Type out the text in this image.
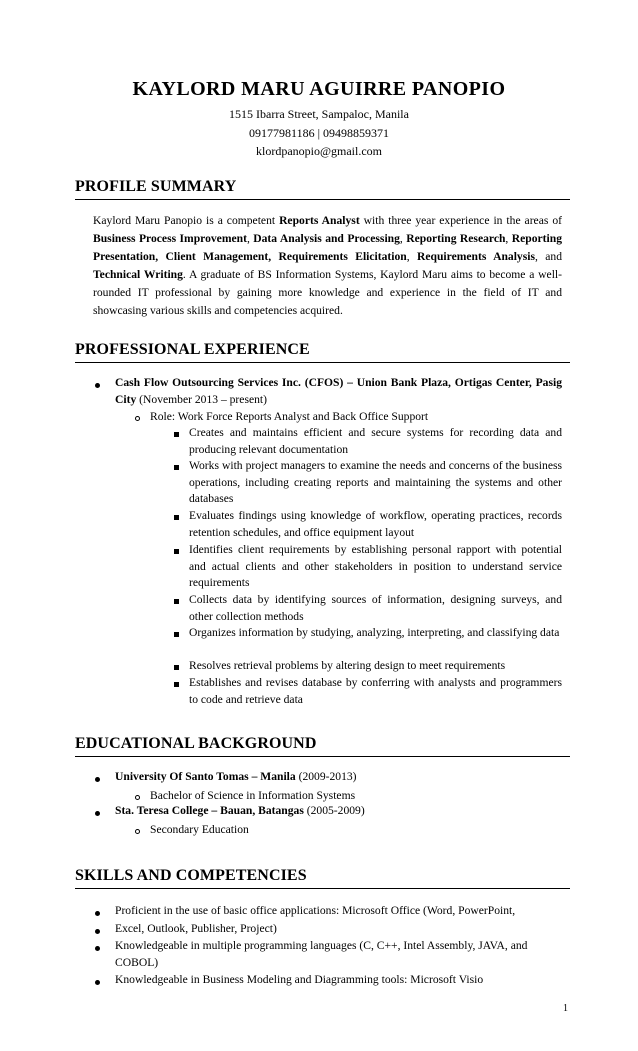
KAYLORD MARU AGUIRRE PANOPIO
1515 Ibarra Street, Sampaloc, Manila
09177981186 | 09498859371
klordpanopio@gmail.com
PROFILE SUMMARY
Kaylord Maru Panopio is a competent Reports Analyst with three year experience in the areas of Business Process Improvement, Data Analysis and Processing, Reporting Research, Reporting Presentation, Client Management, Requirements Elicitation, Requirements Analysis, and Technical Writing. A graduate of BS Information Systems, Kaylord Maru aims to become a well-rounded IT professional by gaining more knowledge and experience in the field of IT and showcasing various skills and competencies acquired.
PROFESSIONAL EXPERIENCE
Cash Flow Outsourcing Services Inc. (CFOS) – Union Bank Plaza, Ortigas Center, Pasig City (November 2013 – present)
Role: Work Force Reports Analyst and Back Office Support
Creates and maintains efficient and secure systems for recording data and producing relevant documentation
Works with project managers to examine the needs and concerns of the business operations, including creating reports and maintaining the systems and other databases
Evaluates findings using knowledge of workflow, operating practices, records retention schedules, and office equipment layout
Identifies client requirements by establishing personal rapport with potential and actual clients and other stakeholders in position to understand service requirements
Collects data by identifying sources of information, designing surveys, and other collection methods
Organizes information by studying, analyzing, interpreting, and classifying data
Resolves retrieval problems by altering design to meet requirements
Establishes and revises database by conferring with analysts and programmers to code and retrieve data
EDUCATIONAL BACKGROUND
University Of Santo Tomas – Manila (2009-2013)
Bachelor of Science in Information Systems
Sta. Teresa College – Bauan, Batangas (2005-2009)
Secondary Education
SKILLS AND COMPETENCIES
Proficient in the use of basic office applications: Microsoft Office (Word, PowerPoint,
Excel, Outlook, Publisher, Project)
Knowledgeable in multiple programming languages (C, C++, Intel Assembly, JAVA, and COBOL)
Knowledgeable in Business Modeling and Diagramming tools: Microsoft Visio
1
